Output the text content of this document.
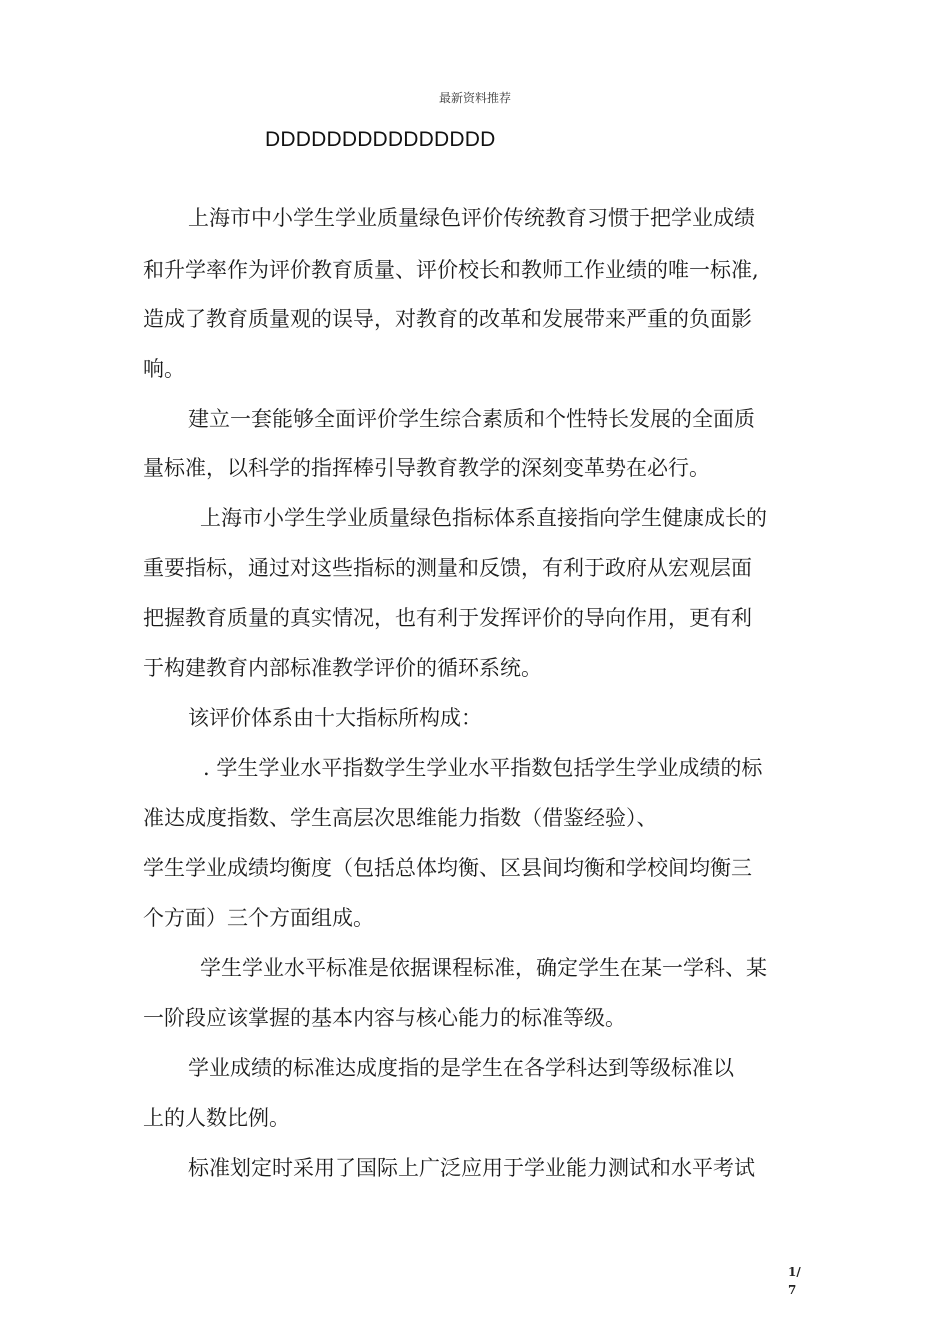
最新资料推荐
DDDDDDDDDDDDDDD
上海市中小学生学业质量绿色评价传统教育习惯于把学业成绩
和升学率作为评价教育质量、评价校长和教师工作业绩的唯一标准,
造成了教育质量观的误导，对教育的改革和发展带来严重的负面影
响。
建立一套能够全面评价学生综合素质和个性特长发展的全面质
量标准，以科学的指挥棒引导教育教学的深刻变革势在必行。
上海市小学生学业质量绿色指标体系直接指向学生健康成长的
重要指标，通过对这些指标的测量和反馈，有利于政府从宏观层面
把握教育质量的真实情况，也有利于发挥评价的导向作用，更有利
于构建教育内部标准教学评价的循环系统。
该评价体系由十大指标所构成：
. 学生学业水平指数学生学业水平指数包括学生学业成绩的标
准达成度指数、学生高层次思维能力指数（借鉴经验）、
学生学业成绩均衡度（包括总体均衡、区县间均衡和学校间均衡三
个方面）三个方面组成。
学生学业水平标准是依据课程标准，确定学生在某一学科、某
一阶段应该掌握的基本内容与核心能力的标准等级。
学业成绩的标准达成度指的是学生在各学科达到等级标准以
上的人数比例。
标准划定时采用了国际上广泛应用于学业能力测试和水平考试
1/
7
